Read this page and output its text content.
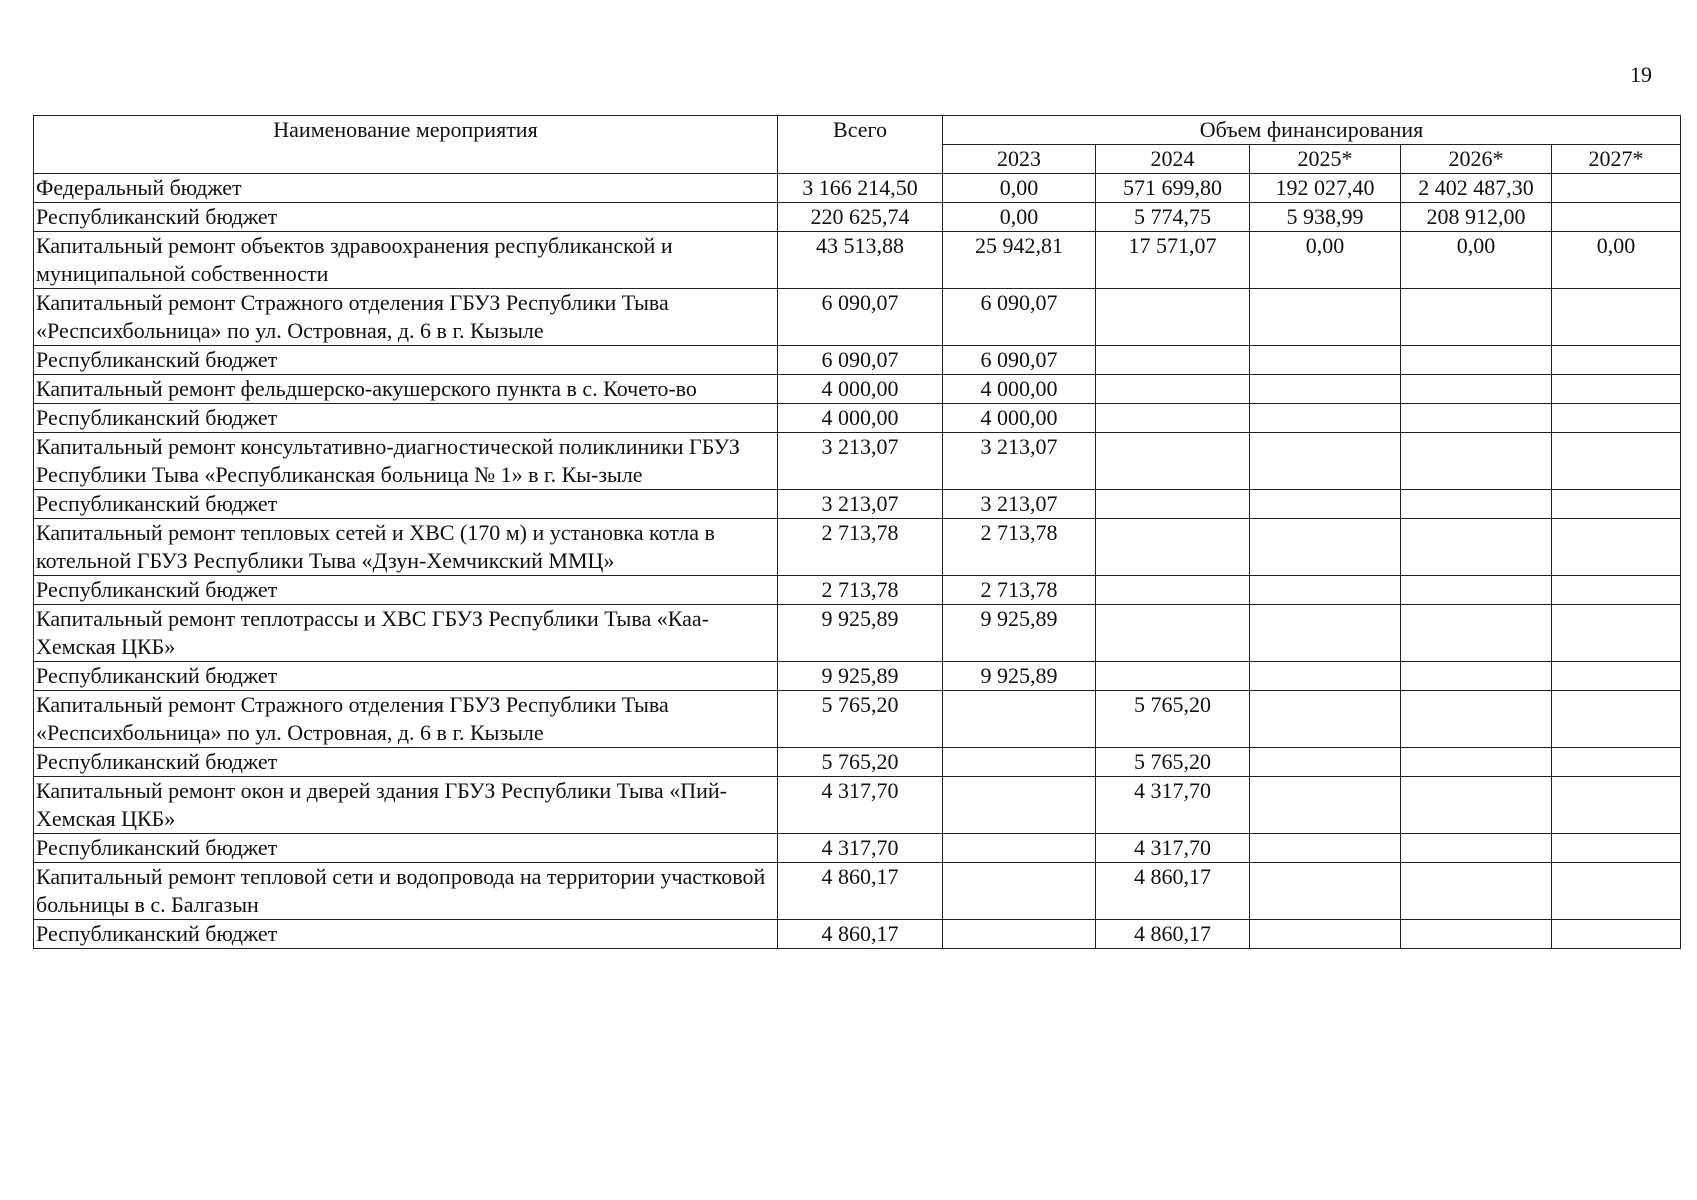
19
Наименование мероприятия	Всего	Объем финансирования				
		2023	2024	2025*	2026*	2027*
Федеральный бюджет	3 166 214,50	0,00	571 699,80	192 027,40	2 402 487,30	
Республиканский бюджет	220 625,74	0,00	5 774,75	5 938,99	208 912,00	
Капитальный ремонт объектов здравоохранения республиканской и муниципальной собственности	43 513,88	25 942,81	17 571,07	0,00	0,00	0,00
Капитальный ремонт Стражного отделения ГБУЗ Республики Тыва «Респсихбольница» по ул. Островная, д. 6 в г. Кызыле	6 090,07	6 090,07				
Республиканский бюджет	6 090,07	6 090,07				
Капитальный ремонт фельдшерско-акушерского пункта в с. Кочето-во	4 000,00	4 000,00				
Республиканский бюджет	4 000,00	4 000,00				
Капитальный ремонт консультативно-диагностической поликлиники ГБУЗ Республики Тыва «Республиканская больница № 1» в г. Кы-зыле	3 213,07	3 213,07				
Республиканский бюджет	3 213,07	3 213,07				
Капитальный ремонт тепловых сетей и ХВС (170 м) и установка котла в котельной ГБУЗ Республики Тыва «Дзун-Хемчикский ММЦ»	2 713,78	2 713,78				
Республиканский бюджет	2 713,78	2 713,78				
Капитальный ремонт теплотрассы и ХВС ГБУЗ Республики Тыва «Каа-Хемская ЦКБ»	9 925,89	9 925,89				
Республиканский бюджет	9 925,89	9 925,89				
Капитальный ремонт Стражного отделения ГБУЗ Республики Тыва «Респсихбольница» по ул. Островная, д. 6 в г. Кызыле	5 765,20		5 765,20			
Республиканский бюджет	5 765,20		5 765,20			
Капитальный ремонт окон и дверей здания ГБУЗ Республики Тыва «Пий-Хемская ЦКБ»	4 317,70		4 317,70			
Республиканский бюджет	4 317,70		4 317,70			
Капитальный ремонт тепловой сети и водопровода на территории участковой больницы в с. Балгазын	4 860,17		4 860,17			
Республиканский бюджет	4 860,17		4 860,17			
